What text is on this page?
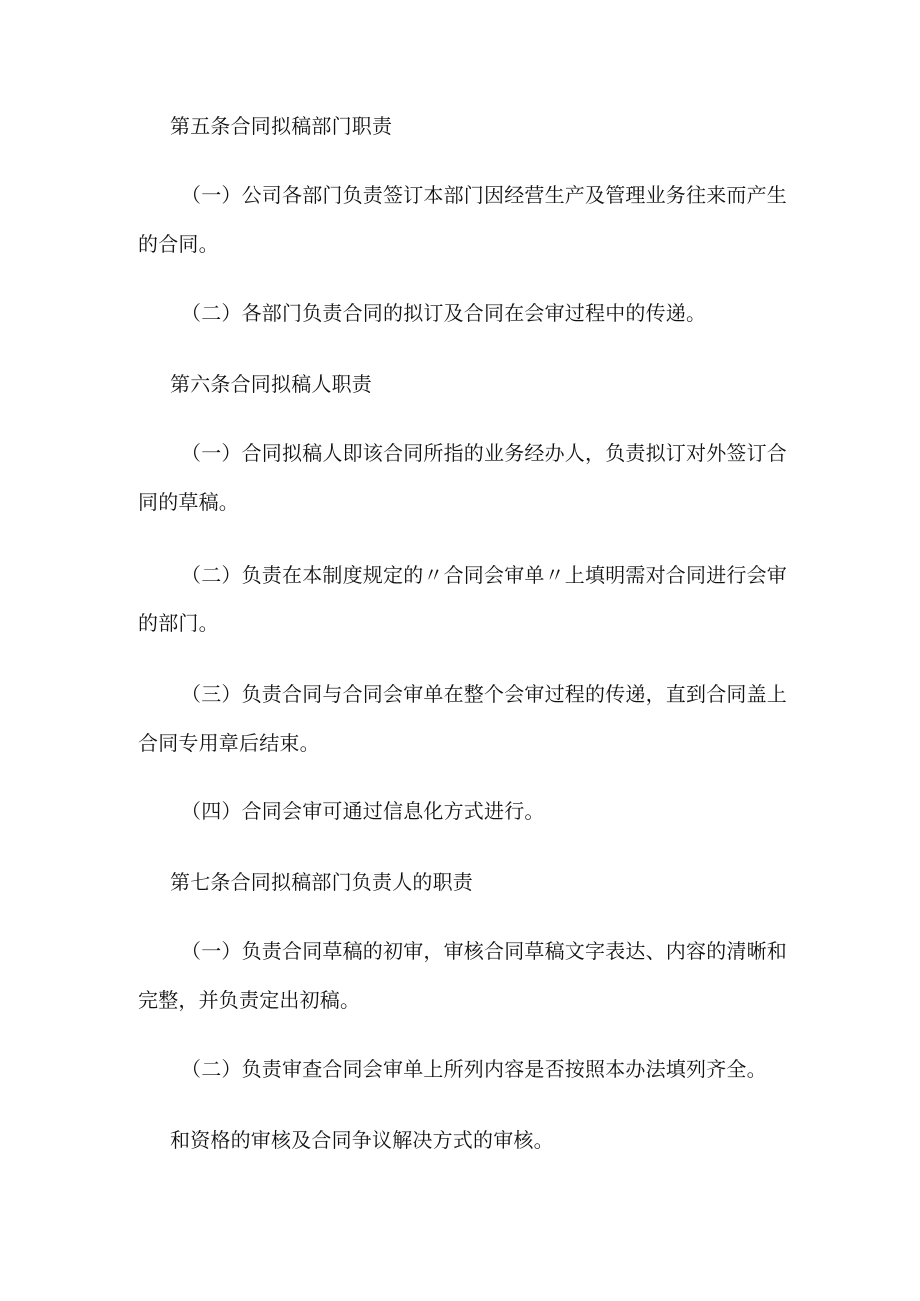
第五条合同拟稿部门职责
（一）公司各部门负责签订本部门因经营生产及管理业务往来而产生
的合同。
（二）各部门负责合同的拟订及合同在会审过程中的传递。
第六条合同拟稿人职责
（一）合同拟稿人即该合同所指的业务经办人，负责拟订对外签订合
同的草稿。
（二）负责在本制度规定的〃合同会审单〃上填明需对合同进行会审
的部门。
（三）负责合同与合同会审单在整个会审过程的传递，直到合同盖上
合同专用章后结束。
（四）合同会审可通过信息化方式进行。
第七条合同拟稿部门负责人的职责
（一）负责合同草稿的初审，审核合同草稿文字表达、内容的清晰和
完整，并负责定出初稿。
（二）负责审查合同会审单上所列内容是否按照本办法填列齐全。
和资格的审核及合同争议解决方式的审核。
